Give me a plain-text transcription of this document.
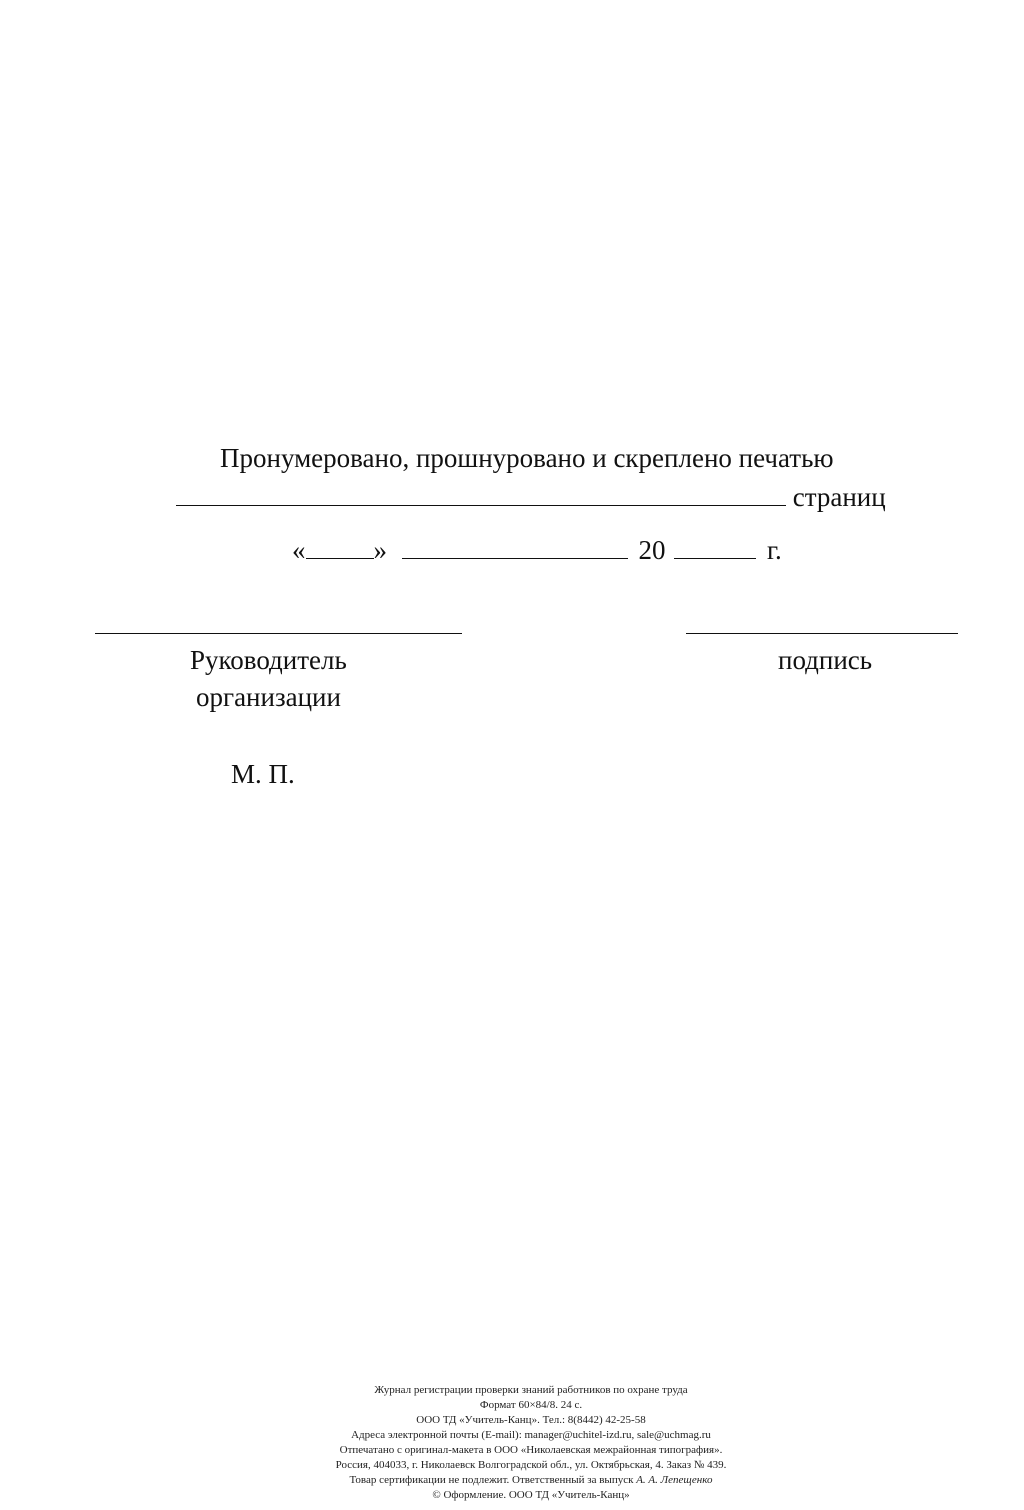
Пронумеровано, прошнуровано и скреплено печатью
страниц
«	»	20	г.
Руководитель
организации
подпись
М. П.
Журнал регистрации проверки знаний работников по охране труда
Формат 60×84/8. 24 с.
ООО ТД «Учитель-Канц». Тел.: 8(8442) 42-25-58
Адреса электронной почты (E-mail): manager@uchitel-izd.ru, sale@uchmag.ru
Отпечатано с оригинал-макета в ООО «Николаевская межрайонная типография».
Россия, 404033, г. Николаевск Волгоградской обл., ул. Октябрьская, 4. Заказ № 439.
Товар сертификации не подлежит. Ответственный за выпуск А. А. Лепещенко
© Оформление. ООО ТД «Учитель-Канц»
